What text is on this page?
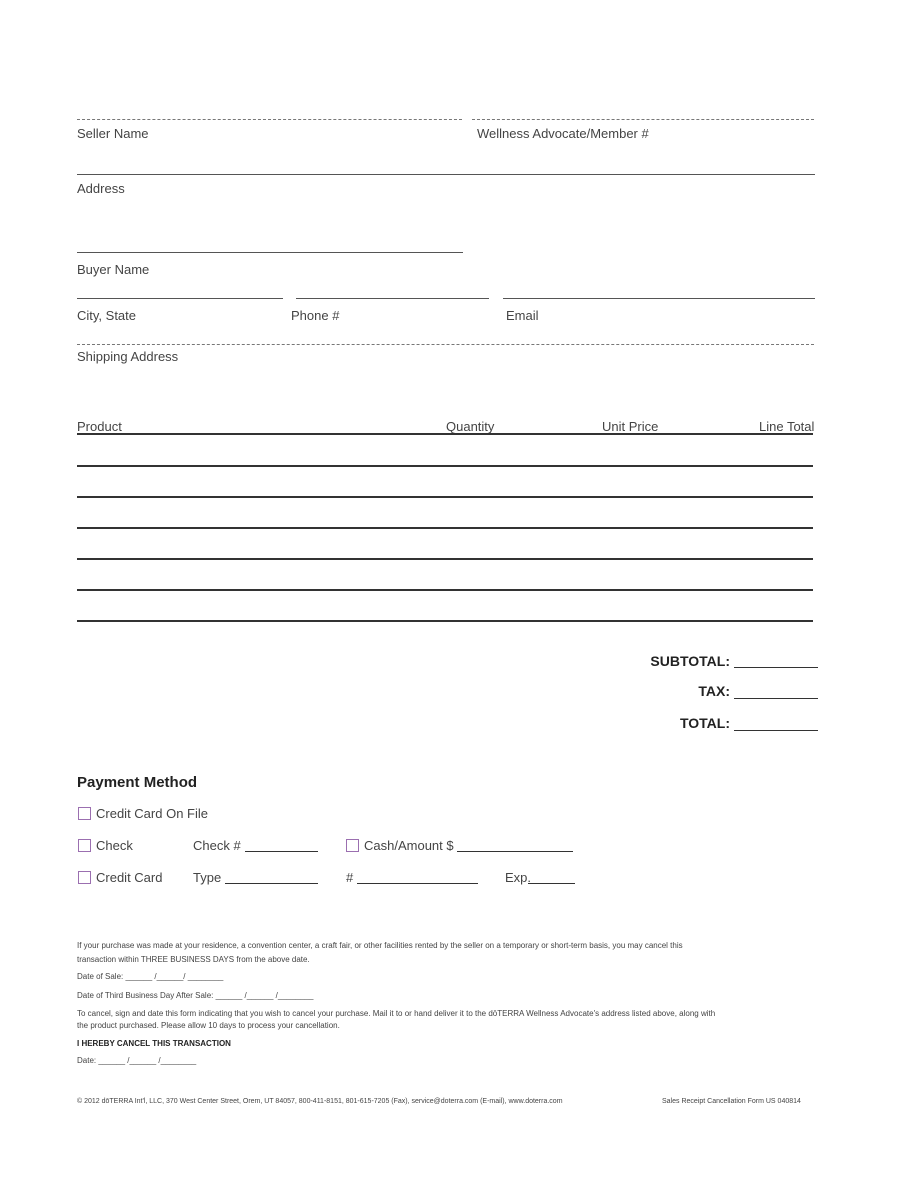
Seller Name	Wellness Advocate/Member #
Address
Buyer Name
City, State	Phone #	Email
Shipping Address
Product	Quantity	Unit Price	Line Total
SUBTOTAL:
TAX:
TOTAL:
Payment Method
Credit Card On File
Check	Check #	Cash/Amount $
Credit Card Type	#	Exp.
If your purchase was made at your residence, a convention center, a craft fair, or other facilities rented by the seller on a temporary or short-term basis, you may cancel this
transaction within THREE BUSINESS DAYS from the above date.
Date of Sale: ______ /______/ ________
Date of Third Business Day After Sale: ______ /______ /________
To cancel, sign and date this form indicating that you wish to cancel your purchase. Mail it to or hand deliver it to the dōTERRA Wellness Advocate's address listed above, along with
the product purchased. Please allow 10 days to process your cancellation.
I HEREBY CANCEL THIS TRANSACTION
Date: ______ /______ /________
© 2012 dōTERRA Int'l, LLC, 370 West Center Street, Orem, UT 84057, 800-411-8151, 801-615-7205 (Fax), service@doterra.com (E-mail), www.doterra.com	Sales Receipt Cancellation Form US 040814
